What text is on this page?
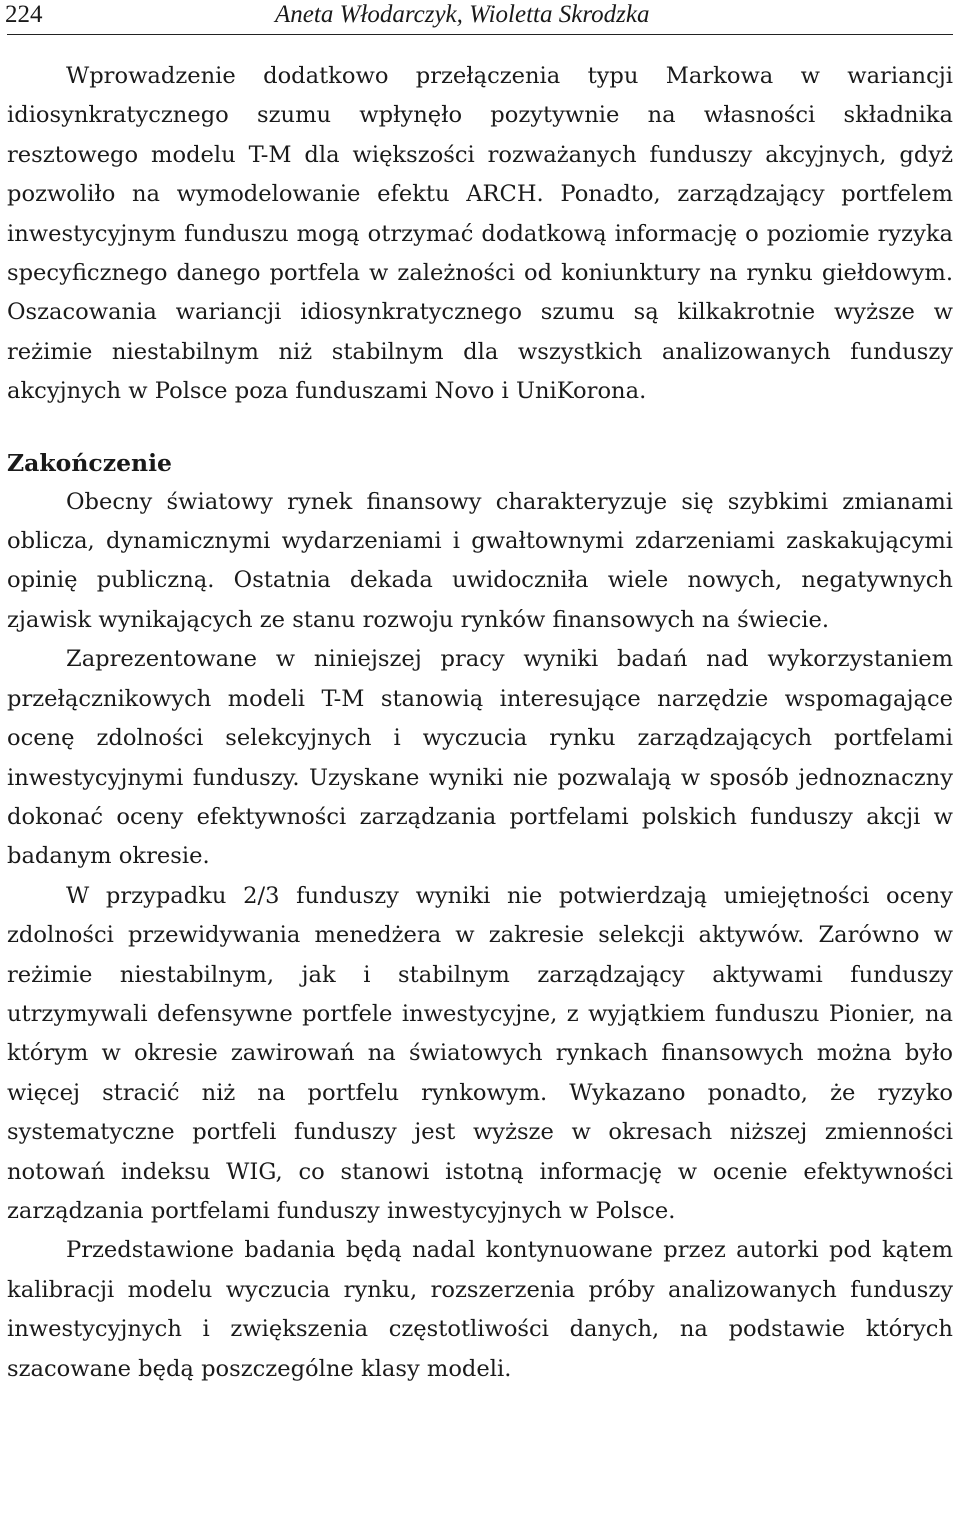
224	Aneta Włodarczyk, Wioletta Skrodzka

Wprowadzenie dodatkowo przełączenia typu Markowa w wariancji idiosynkratycznego szumu wpłynęło pozytywnie na własności składnika resztowego modelu T-M dla większości rozważanych funduszy akcyjnych, gdyż pozwoliło na wymodelowanie efektu ARCH. Ponadto, zarządzający portfelem inwestycyjnym funduszu mogą otrzymać dodatkową informację o poziomie ryzyka specyficznego danego portfela w zależności od koniunktury na rynku giełdowym. Oszacowania wariancji idiosynkratycznego szumu są kilkakrotnie wyższe w reżimie niestabilnym niż stabilnym dla wszystkich analizowanych funduszy akcyjnych w Polsce poza funduszami Novo i UniKorona.

Zakończenie

Obecny światowy rynek finansowy charakteryzuje się szybkimi zmianami oblicza, dynamicznymi wydarzeniami i gwałtownymi zdarzeniami zaskakującymi opinię publiczną. Ostatnia dekada uwidoczniła wiele nowych, negatywnych zjawisk wynikających ze stanu rozwoju rynków finansowych na świecie.

Zaprezentowane w niniejszej pracy wyniki badań nad wykorzystaniem przełącznikowych modeli T-M stanowią interesujące narzędzie wspomagające ocenę zdolności selekcyjnych i wyczucia rynku zarządzających portfelami inwestycyjnymi funduszy. Uzyskane wyniki nie pozwalają w sposób jednoznaczny dokonać oceny efektywności zarządzania portfelami polskich funduszy akcji w badanym okresie.

W przypadku 2/3 funduszy wyniki nie potwierdzają umiejętności oceny zdolności przewidywania menedżera w zakresie selekcji aktywów. Zarówno w reżimie niestabilnym, jak i stabilnym zarządzający aktywami funduszy utrzymywali defensywne portfele inwestycyjne, z wyjątkiem funduszu Pionier, na którym w okresie zawirowań na światowych rynkach finansowych można było więcej stracić niż na portfelu rynkowym. Wykazano ponadto, że ryzyko systematyczne portfeli funduszy jest wyższe w okresach niższej zmienności notowań indeksu WIG, co stanowi istotną informację w ocenie efektywności zarządzania portfelami funduszy inwestycyjnych w Polsce.

Przedstawione badania będą nadal kontynuowane przez autorki pod kątem kalibracji modelu wyczucia rynku, rozszerzenia próby analizowanych funduszy inwestycyjnych i zwiększenia częstotliwości danych, na podstawie których szacowane będą poszczególne klasy modeli.
